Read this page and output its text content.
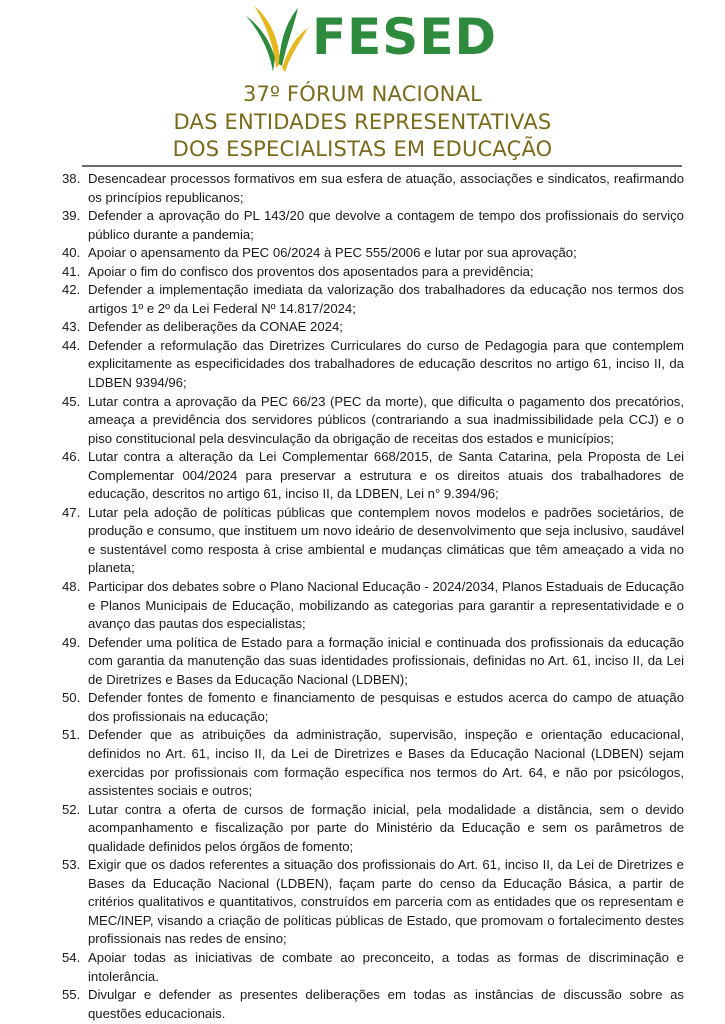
FESED
37º FÓRUM NACIONAL
DAS ENTIDADES REPRESENTATIVAS
DOS ESPECIALISTAS EM EDUCAÇÃO
38. Desencadear processos formativos em sua esfera de atuação, associações e sindicatos, reafirmando os princípios republicanos;
39. Defender a aprovação do PL 143/20 que devolve a contagem de tempo dos profissionais do serviço público durante a pandemia;
40. Apoiar o apensamento da PEC 06/2024 à PEC 555/2006 e lutar por sua aprovação;
41. Apoiar o fim do confisco dos proventos dos aposentados para a previdência;
42. Defender a implementação imediata da valorização dos trabalhadores da educação nos termos dos artigos 1º e 2º da Lei Federal Nº 14.817/2024;
43. Defender as deliberações da CONAE 2024;
44. Defender a reformulação das Diretrizes Curriculares do curso de Pedagogia para que contemplem explicitamente as especificidades dos trabalhadores de educação descritos no artigo 61, inciso II, da LDBEN 9394/96;
45. Lutar contra a aprovação da PEC 66/23 (PEC da morte), que dificulta o pagamento dos precatórios, ameaça a previdência dos servidores públicos (contrariando a sua inadmissibilidade pela CCJ) e o piso constitucional pela desvinculação da obrigação de receitas dos estados e municípios;
46. Lutar contra a alteração da Lei Complementar 668/2015, de Santa Catarina, pela Proposta de Lei Complementar 004/2024 para preservar a estrutura e os direitos atuais dos trabalhadores de educação, descritos no artigo 61, inciso II, da LDBEN, Lei n° 9.394/96;
47. Lutar pela adoção de políticas públicas que contemplem novos modelos e padrões societários, de produção e consumo, que instituem um novo ideário de desenvolvimento que seja inclusivo, saudável e sustentável como resposta à crise ambiental e mudanças climáticas que têm ameaçado a vida no planeta;
48. Participar dos debates sobre o Plano Nacional Educação - 2024/2034, Planos Estaduais de Educação e Planos Municipais de Educação, mobilizando as categorias para garantir a representatividade e o avanço das pautas dos especialistas;
49. Defender uma política de Estado para a formação inicial e continuada dos profissionais da educação com garantia da manutenção das suas identidades profissionais, definidas no Art. 61, inciso II, da Lei de Diretrizes e Bases da Educação Nacional (LDBEN);
50. Defender fontes de fomento e financiamento de pesquisas e estudos acerca do campo de atuação dos profissionais na educação;
51. Defender que as atribuições da administração, supervisão, inspeção e orientação educacional, definidos no Art. 61, inciso II, da Lei de Diretrizes e Bases da Educação Nacional (LDBEN) sejam exercidas por profissionais com formação específica nos termos do Art. 64, e não por psicólogos, assistentes sociais e outros;
52. Lutar contra a oferta de cursos de formação inicial, pela modalidade a distância, sem o devido acompanhamento e fiscalização por parte do Ministério da Educação e sem os parâmetros de qualidade definidos pelos órgãos de fomento;
53. Exigir que os dados referentes a situação dos profissionais do Art. 61, inciso II, da Lei de Diretrizes e Bases da Educação Nacional (LDBEN), façam parte do censo da Educação Básica, a partir de critérios qualitativos e quantitativos, construídos em parceria com as entidades que os representam e MEC/INEP, visando a criação de políticas públicas de Estado, que promovam o fortalecimento destes profissionais nas redes de ensino;
54. Apoiar todas as iniciativas de combate ao preconceito, a todas as formas de discriminação e intolerância.
55. Divulgar e defender as presentes deliberações em todas as instâncias de discussão sobre as questões educacionais.
